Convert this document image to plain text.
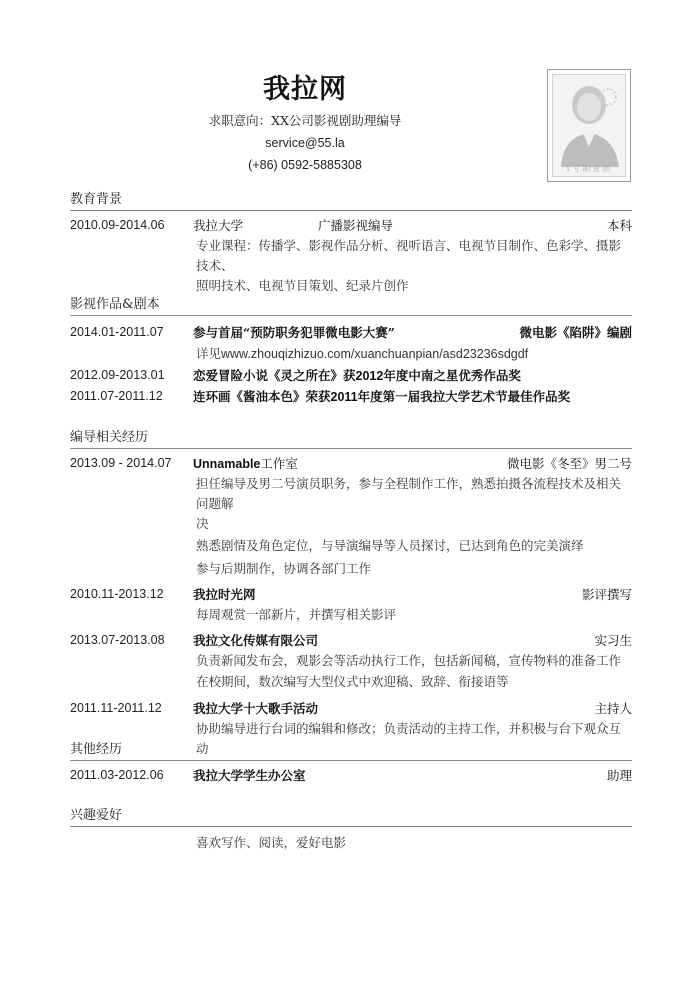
我拉网
求职意向：XX公司影视剧助理编导
service@55.la
(+86) 0592-5885308	1寸职业照
教育背景
2010.09-2014.06 我拉大学	广播影视编导	本科
专业课程：传播学、影视作品分析、视听语言、电视节目制作、色彩学、摄影技术、
照明技术、电视节目策划、纪录片创作
影视作品&剧本
2014.01-2011.07 参与首届“预防职务犯罪微电影大赛”	微电影《陷阱》编剧
详见www.zhouqizhizuo.com/xuanchuanpian/asd23236sdgdf
2012.09-2013.01 恋爱冒险小说《灵之所在》获2012年度中南之星优秀作品奖
2011.07-2011.12 连环画《酱油本色》荣获2011年度第一届我拉大学艺术节最佳作品奖
编导相关经历
2013.09 - 2014.07 Unnamable工作室	微电影《冬至》男二号
担任编导及男二号演员职务，参与全程制作工作，熟悉拍摄各流程技术及相关问题解
决
熟悉剧情及角色定位，与导演编导等人员探讨，已达到角色的完美演绎
参与后期制作，协调各部门工作
2010.11-2013.12 我拉时光网	影评撰写
每周观赏一部新片，并撰写相关影评
2013.07-2013.08 我拉文化传媒有限公司	实习生
负责新闻发布会，观影会等活动执行工作，包括新闻稿，宣传物料的准备工作
在校期间，数次编写大型仪式中欢迎稿、致辞、衔接语等
2011.11-2011.12	我拉大学十大歌手活动	主持人
协助编导进行台词的编辑和修改；负责活动的主持工作，并积极与台下观众互动
其他经历
2011.03-2012.06 我拉大学学生办公室	助理
兴趣爱好
喜欢写作、阅读，爱好电影
